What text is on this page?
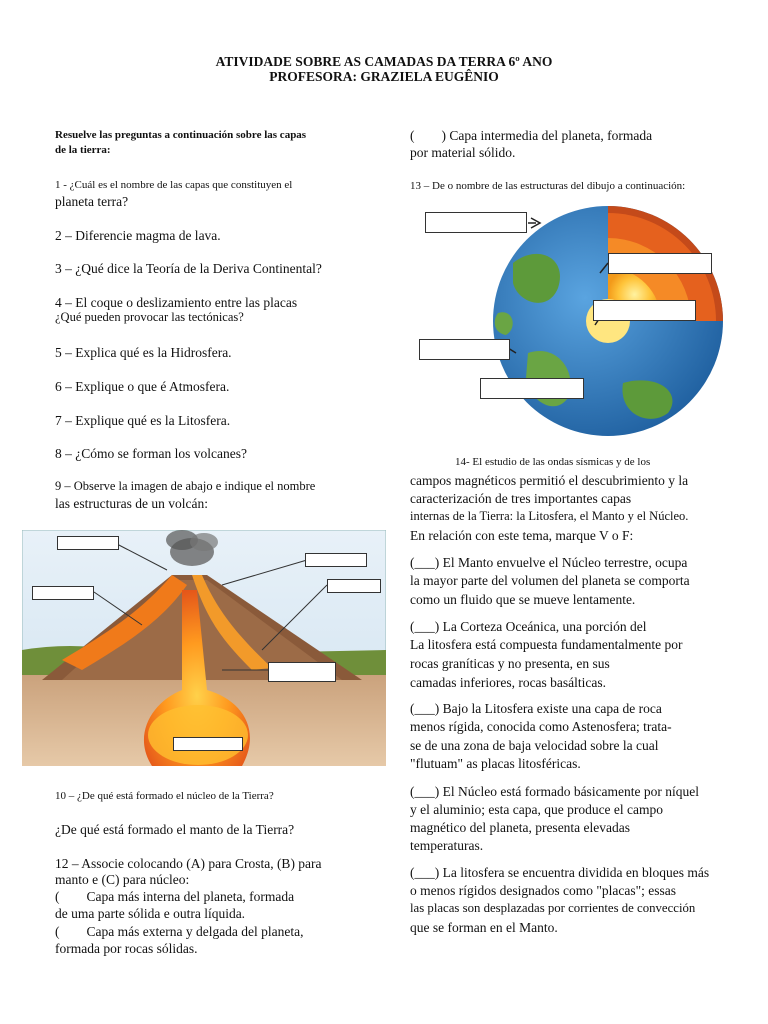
ATIVIDADE SOBRE AS CAMADAS DA TERRA 6º ANO
PROFESORA: GRAZIELA EUGÊNIO
Resuelve las preguntas a continuación sobre las capas
de la tierra:
1 - ¿Cuál es el nombre de las capas que constituyen el
planeta terra?
2 – Diferencie magma de lava.
3 – ¿Qué dice la Teoría de la Deriva Continental?
4 – El coque o deslizamiento entre las placas
¿Qué pueden provocar las tectónicas?
5 – Explica qué es la Hidrosfera.
6 – Explique o que é Atmosfera.
7 – Explique qué es la Litosfera.
8 – ¿Cómo se forman los volcanes?
9 – Observe la imagen de abajo e indique el nombre
las estructuras de un volcán:
10 – ¿De qué está formado el núcleo de la Tierra?
¿De qué está formado el manto de la Tierra?
12 – Associe colocando (A) para Crosta, (B) para
manto e (C) para núcleo:
(        Capa más interna del planeta, formada
de uma parte sólida e outra líquida.
(        Capa más externa y delgada del planeta,
formada por rocas sólidas.
(        ) Capa intermedia del planeta, formada
por material sólido.
13 – De o nombre de las estructuras del dibujo a continuación:
14- El estudio de las ondas sísmicas y de los
campos magnéticos permitió el descubrimiento y la
caracterización de tres importantes capas
internas de la Tierra: la Litosfera, el Manto y el Núcleo.
En relación con este tema, marque V o F:
(___) El Manto envuelve el Núcleo terrestre, ocupa
la mayor parte del volumen del planeta se comporta
como un fluido que se mueve lentamente.
(___) La Corteza Oceánica, una porción del
La litosfera está compuesta fundamentalmente por
rocas graníticas y no presenta, en sus
camadas inferiores, rocas basálticas.
(___) Bajo la Litosfera existe una capa de roca
menos rígida, conocida como Astenosfera; trata-
se de una zona de baja velocidad sobre la cual
"flutuam" as placas litosféricas.
(___) El Núcleo está formado básicamente por níquel
y el aluminio; esta capa, que produce el campo
magnético del planeta, presenta elevadas
temperaturas.
(___) La litosfera se encuentra dividida en bloques más
o menos rígidos designados como "placas"; essas
las placas son desplazadas por corrientes de convección
que se forman en el Manto.
